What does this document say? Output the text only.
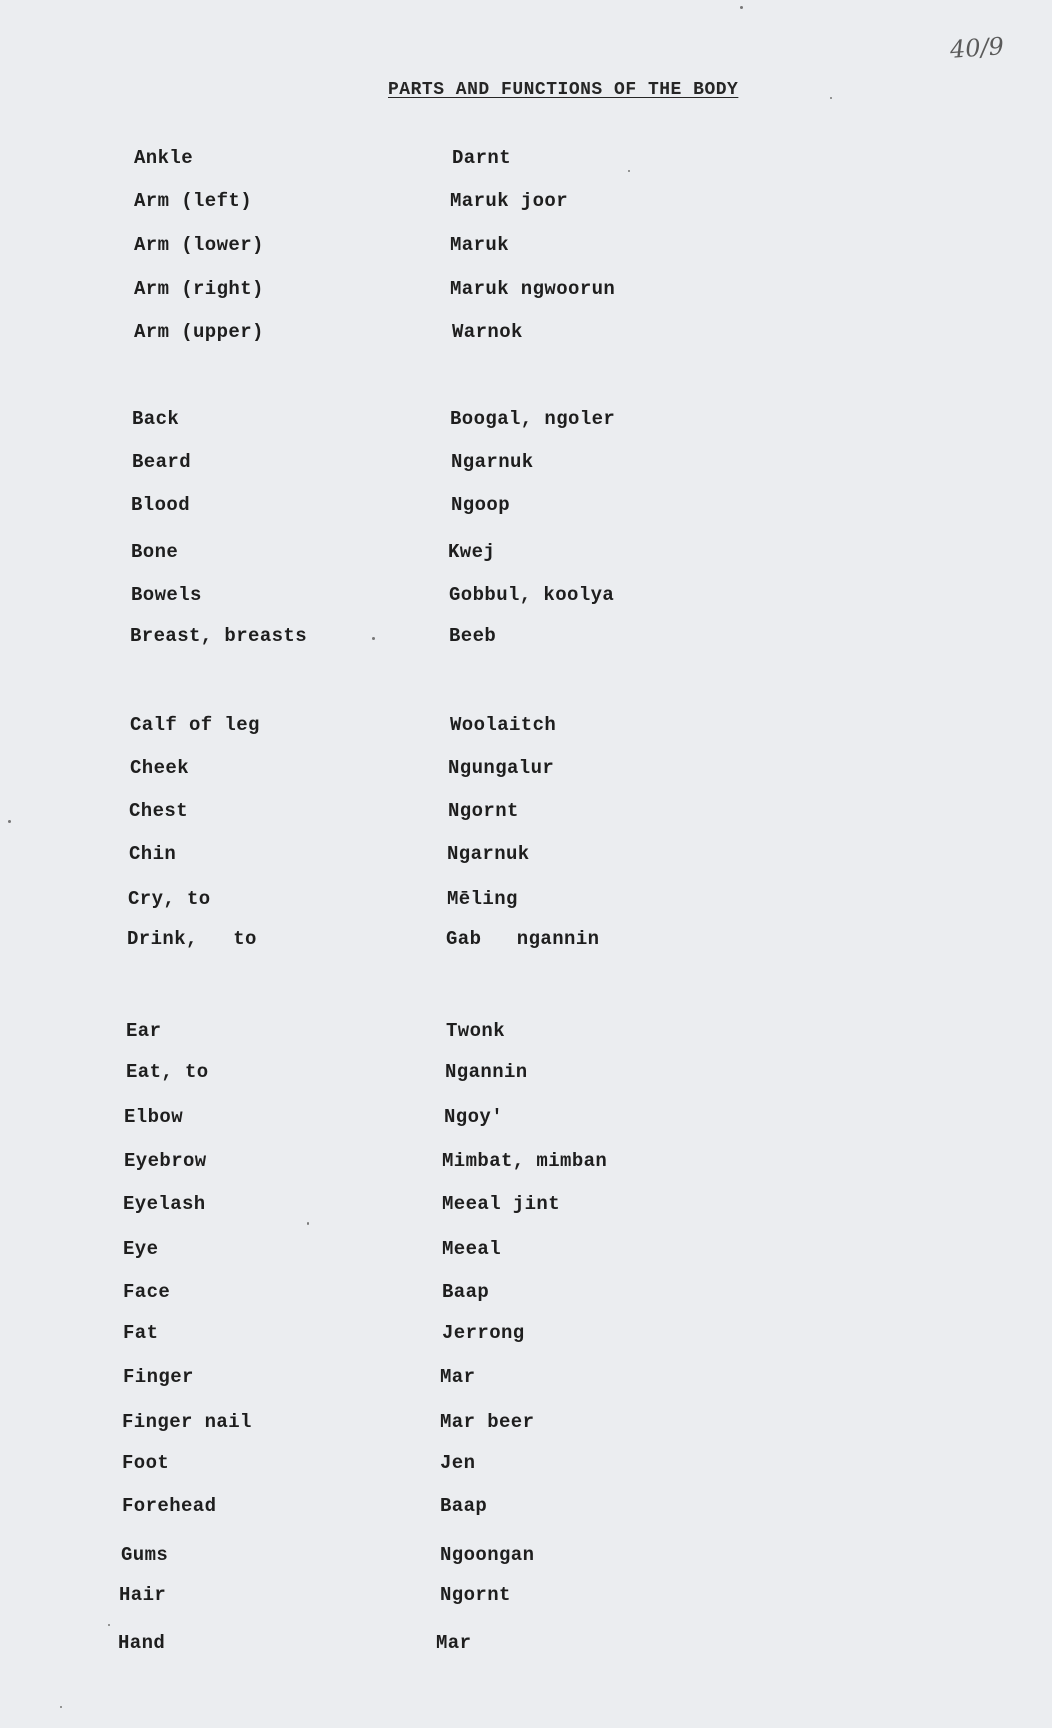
40/9
PARTS AND FUNCTIONS OF THE BODY
Ankle	Darnt
Arm (left)	Maruk joor
Arm (lower)	Maruk
Arm (right)	Maruk ngwoorun
Arm (upper)	Warnok
Back	Boogal, ngoler
Beard	Ngarnuk
Blood	Ngoop
Bone	Kwej
Bowels	Gobbul, koolya
Breast, breasts	Beeb
Calf of leg	Woolaitch
Cheek	Ngungalur
Chest	Ngornt
Chin	Ngarnuk
Cry, to	Mēling
Drink,   to	Gab   ngannin
Ear	Twonk
Eat, to	Ngannin
Elbow	Ngoy'
Eyebrow	Mimbat, mimban
Eyelash	Meeal jint
Eye	Meeal
Face	Baap
Fat	Jerrong
Finger	Mar
Finger nail	Mar beer
Foot	Jen
Forehead	Baap
Gums	Ngoongan
Hair	Ngornt
Hand	Mar
